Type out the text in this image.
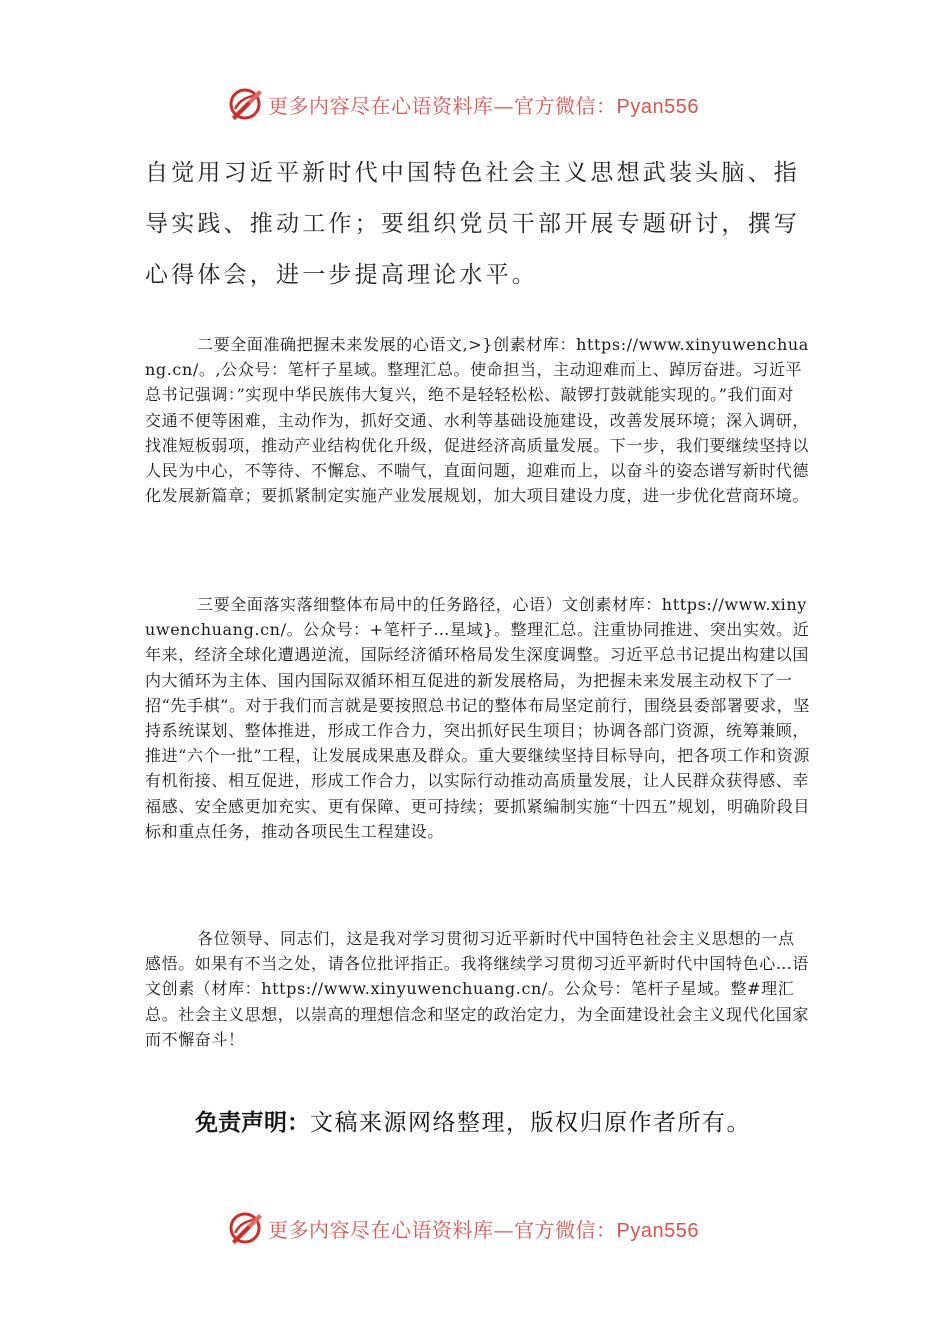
更多内容尽在心语资料库—官方微信：Pyan556

自觉用习近平新时代中国特色社会主义思想武装头脑、指导实践、推动工作；要组织党员干部开展专题研讨，撰写心得体会，进一步提高理论水平。

二要全面准确把握未来发展的心语文,>}创素材库：https://www.xinyuwenchuang.cn/。,公众号：笔杆子星域。整理汇总。使命担当，主动迎难而上、踔厉奋进。习近平总书记强调：”实现中华民族伟大复兴，绝不是轻轻松松、敲锣打鼓就能实现的。”我们面对交通不便等困难，主动作为，抓好交通、水利等基础设施建设，改善发展环境；深入调研，找准短板弱项，推动产业结构优化升级，促进经济高质量发展。下一步，我们要继续坚持以人民为中心，不等待、不懈怠、不喘气，直面问题，迎难而上，以奋斗的姿态谱写新时代德化发展新篇章；要抓紧制定实施产业发展规划，加大项目建设力度，进一步优化营商环境。

三要全面落实落细整体布局中的任务路径，心语）文创素材库：https://www.xinyuwenchuang.cn/。公众号：+笔杆子…星域}。整理汇总。注重协同推进、突出实效。近年来，经济全球化遭遇逆流，国际经济循环格局发生深度调整。习近平总书记提出构建以国内大循环为主体、国内国际双循环相互促进的新发展格局，为把握未来发展主动权下了一招“先手棋”。对于我们而言就是要按照总书记的整体布局坚定前行，围绕县委部署要求，坚持系统谋划、整体推进，形成工作合力，突出抓好民生项目；协调各部门资源，统筹兼顾，推进“六个一批”工程，让发展成果惠及群众。重大要继续坚持目标导向，把各项工作和资源有机衔接、相互促进，形成工作合力，以实际行动推动高质量发展，让人民群众获得感、幸福感、安全感更加充实、更有保障、更可持续；要抓紧编制实施“十四五”规划，明确阶段目标和重点任务，推动各项民生工程建设。

各位领导、同志们，这是我对学习贯彻习近平新时代中国特色社会主义思想的一点感悟。如果有不当之处，请各位批评指正。我将继续学习贯彻习近平新时代中国特色心…语文创素（材库：https://www.xinyuwenchuang.cn/。公众号：笔杆子星域。整#理汇总。社会主义思想，以崇高的理想信念和坚定的政治定力，为全面建设社会主义现代化国家而不懈奋斗！

免责声明：文稿来源网络整理，版权归原作者所有。
更多内容尽在心语资料库—官方微信：Pyan556
